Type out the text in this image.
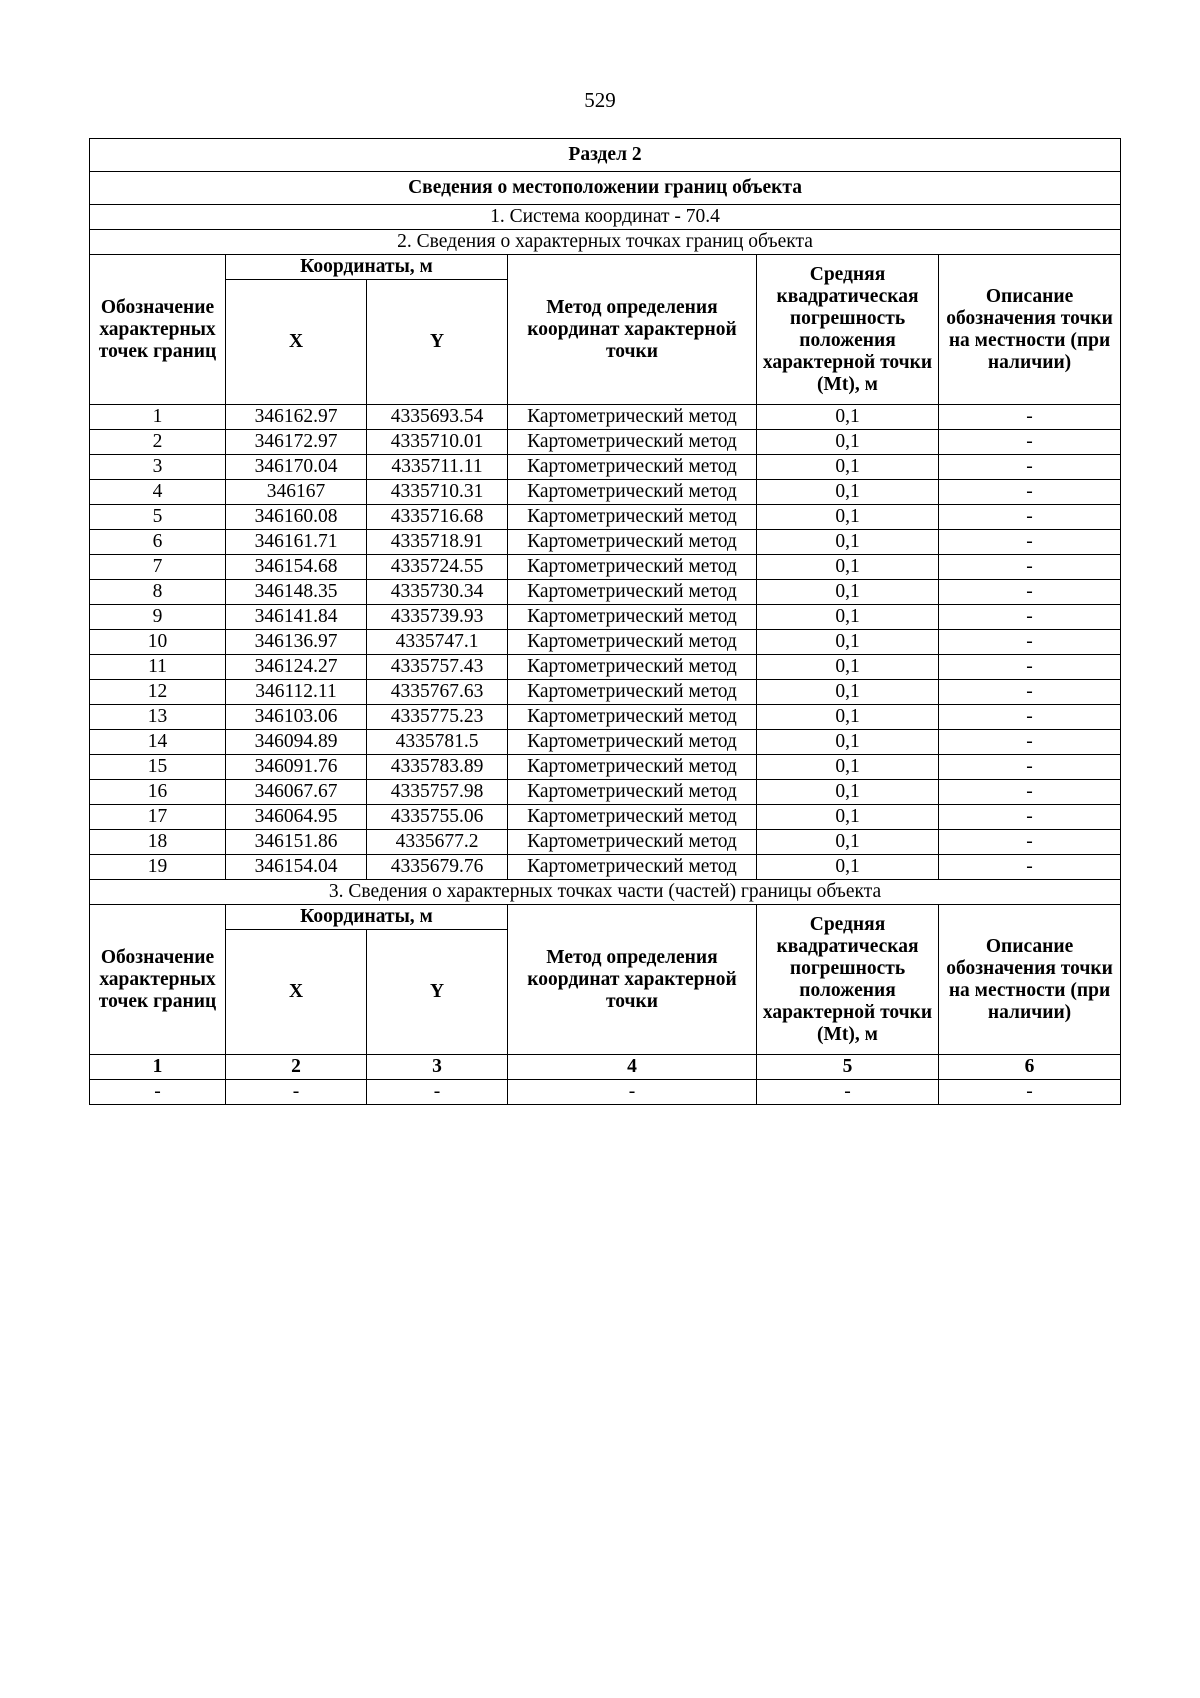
529
Раздел 2					
Сведения о местоположении границ объекта					
1. Система координат - 70.4					
2. Сведения о характерных точках границ объекта					
Обозначение характерных точек границ	Координаты, м		Метод определения координат характерной точки	Средняя квадратическая погрешность положения характерной точки (Mt), м	Описание обозначения точки на местности (при наличии)
	X	Y			
1	346162.97	4335693.54	Картометрический метод	0,1	-
2	346172.97	4335710.01	Картометрический метод	0,1	-
3	346170.04	4335711.11	Картометрический метод	0,1	-
4	346167	4335710.31	Картометрический метод	0,1	-
5	346160.08	4335716.68	Картометрический метод	0,1	-
6	346161.71	4335718.91	Картометрический метод	0,1	-
7	346154.68	4335724.55	Картометрический метод	0,1	-
8	346148.35	4335730.34	Картометрический метод	0,1	-
9	346141.84	4335739.93	Картометрический метод	0,1	-
10	346136.97	4335747.1	Картометрический метод	0,1	-
11	346124.27	4335757.43	Картометрический метод	0,1	-
12	346112.11	4335767.63	Картометрический метод	0,1	-
13	346103.06	4335775.23	Картометрический метод	0,1	-
14	346094.89	4335781.5	Картометрический метод	0,1	-
15	346091.76	4335783.89	Картометрический метод	0,1	-
16	346067.67	4335757.98	Картометрический метод	0,1	-
17	346064.95	4335755.06	Картометрический метод	0,1	-
18	346151.86	4335677.2	Картометрический метод	0,1	-
19	346154.04	4335679.76	Картометрический метод	0,1	-
3. Сведения о характерных точках части (частей) границы объекта					
Обозначение характерных точек границ	Координаты, м		Метод определения координат характерной точки	Средняя квадратическая погрешность положения характерной точки (Mt), м	Описание обозначения точки на местности (при наличии)
	X	Y			
1	2	3	4	5	6
-	-	-	-	-	-
